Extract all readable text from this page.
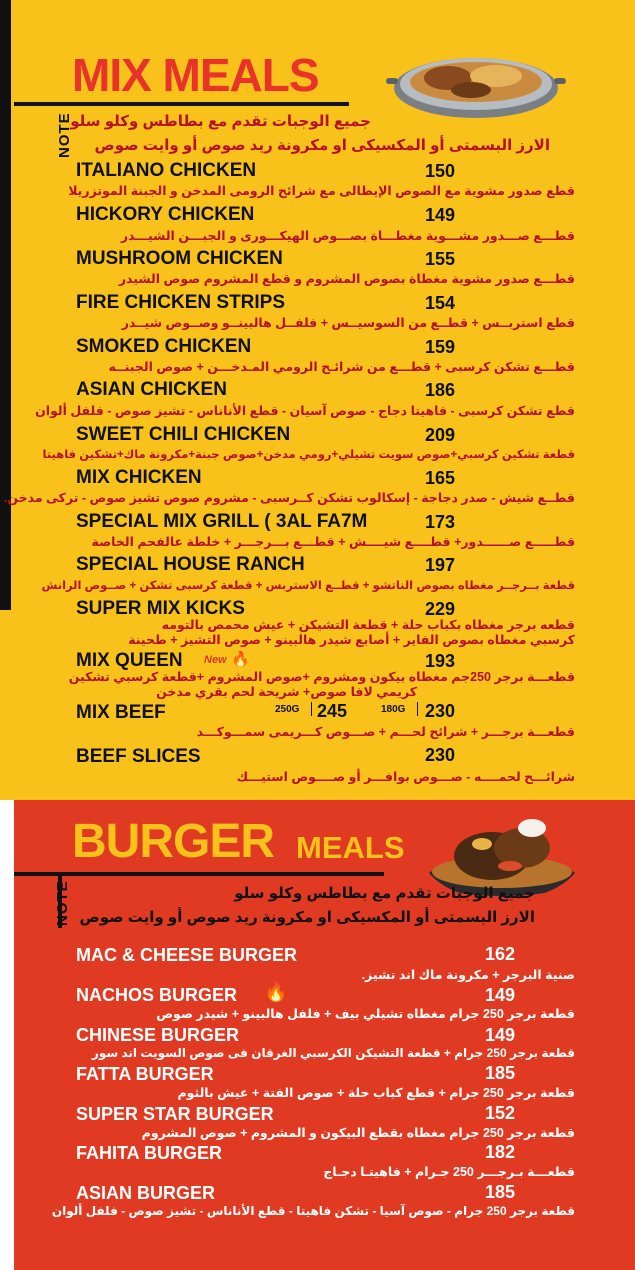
NOTE
MIX MEALS
جميع الوجبات تقدم مع بطاطس وكلو سلو
الارز البسمتى أو المكسيكى او مكرونة ريد صوص أو وايت صوص
ITALIANO CHICKEN	150
قطع صدور مشوية مع الصوص الإيطالى مع شرائح الرومى المدخن و الجبنة الموتزريلا
HICKORY CHICKEN	149
قطـــع صـــدور مشـــوية مغطـــاة بصـــوص الهيكـــورى و الجبـــن الشيـــدر
MUSHROOM CHICKEN	155
قطـــع صدور مشوية مغطاة بصوص المشروم و قطع المشروم صوص الشيدر
FIRE CHICKEN STRIPS	154
قطع استربــس + قطــع من السوسيــس + فلفــل هالبينــو وصــوص شيــدر
SMOKED CHICKEN	159
قطـــع تشكن كرسبى + قطـــع من شرائـح الرومي المـدخـــن + صوص الجبنــه
ASIAN CHICKEN	186
قطع تشكن كرسبى - فاهيتا دجاج - صوص آسيان - قطع الأناناس - تشيز صوص - فلفل ألوان
SWEET CHILI CHICKEN	209
قطعة تشكين كرسبي+صوص سويت تشيلي+رومي مدخن+صوص جبنة+مكرونة ماك+تشكين فاهيتا
MIX CHICKEN	165
قطــع شيش - صدر دجاجة - إسكالوب تشكن كــرسبى - مشروم صوص تشيز صوص - تركى مدخن.
SPECIAL MIX GRILL ( 3AL FA7M	173
قطـــــع صــــــدور+ قطــــع شيــــش + قطـــع بـــرجـــر + خلطة عالفحم الخاصة
SPECIAL HOUSE RANCH	197
قطعة بــرجــر مغطاه بصوص الناتشو + قطــع الاستربس + قطعة كرسبى تشكن + صــوص الرانش
SUPER MIX KICKS	229
قطعه برجر مغطاه بكباب حلة + قطعة التشيكن + عيش محمص بالتومه
كرسبي مغطاه بصوص الفاير + أصابع شيدر هالبينو + صوص التشيز + طحينة
MIX QUEEN New 🔥	193
قطعـــة برجر 250جم مغطاه بيكون ومشروم +صوص المشروم +قطعة كرسبي تشكين
كريمي لافا صوص+ شريحة لحم بقري مدخن
MIX BEEF	250G 245	180G 230
قطعـــة برجـــر + شرائح لحـــم + صـــوص كـــريمى سمـــوكـــد
BEEF SLICES	230
شرائـــح لحمــــه - صـــوص بوافـــر أو صــــوص استيـــك
NOTE
BURGER MEALS
جميع الوجبات تقدم مع بطاطس وكلو سلو
الارز البسمتى أو المكسيكى او مكرونة ريد صوص أو وايت صوص
MAC & CHEESE BURGER	162
صنية البرجر + مكرونة ماك اند تشيز.
NACHOS BURGER 🔥	149
قطعة برجر 250 جرام مغطاه تشيلي بيف + فلفل هالبينو + شيدر صوص
CHINESE BURGER	149
قطعة برجر 250 جرام + قطعة التشيكن الكرسبي الغرقان فى صوص السويت اند سور
FATTA BURGER	185
قطعة برجر 250 جرام + قطع كباب حلة + صوص الفتة + عيش بالثوم
SUPER STAR BURGER	152
قطعة برجر 250 جرام مغطاه بقطع البيكون و المشروم + صوص المشروم
FAHITA BURGER	182
قطعـــة بـرجـــر 250 جـرام + فاهيتـا دجـاج
ASIAN BURGER	185
قطعة برجر 250 جرام - صوص آسيا - تشكن فاهيتا - قطع الأناناس - تشيز صوص - فلفل ألوان
